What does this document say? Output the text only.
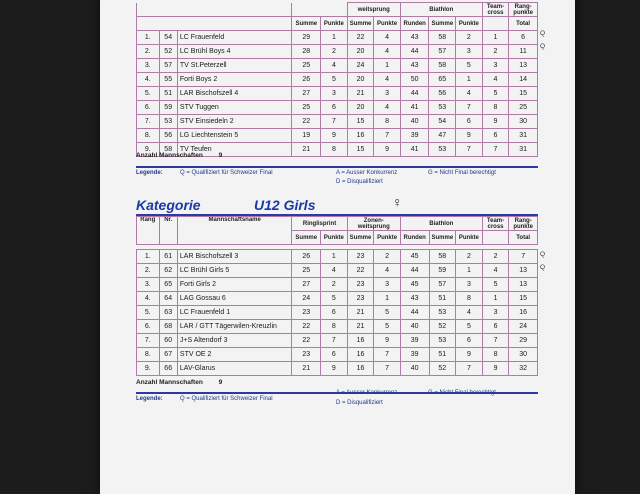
					weitsprung		Biathlon			Team-
cross	Rang-
punkte
			Summe	Punkte	Summe	Punkte	Runden	Summe	Punkte		Total
1.	54	LC Frauenfeld	29	1	22	4	43	58	2	1	6
2.	52	LC Brühl Boys 4	28	2	20	4	44	57	3	2	11
3.	57	TV St.Peterzell	25	4	24	1	43	58	5	3	13
4.	55	Forti Boys 2	26	5	20	4	50	65	1	4	14
5.	51	LAR Bischofszell 4	27	3	21	3	44	56	4	5	15
6.	59	STV Tuggen	25	6	20	4	41	53	7	8	25
7.	53	STV Einsiedeln 2	22	7	15	8	40	54	6	9	30
8.	56	LG Liechtenstein 5	19	9	16	7	39	47	9	6	31
9.	58	TV Teufen	21	8	15	9	41	53	7	7	31
Q
Q
Anzahl Mannschaften 9
Legende:	Q = Qualifiziert für Schweizer Final	A = Ausser Konkurrenz	G = Nicht Final berechtigt
D = Disqualifiziert
Kategorie	U12 Girls	♀
Rang	Nr.	Mannschaftsname	Ringlisprint		Zonen-
weitsprung		Biathlon			Team-
cross	Rang-
punkte
			Summe	Punkte	Summe	Punkte	Runden	Summe	Punkte		Total

1.	61	LAR Bischofszell 3	26	1	23	2	45	58	2	2	7
2.	62	LC Brühl Girls 5	25	4	22	4	44	59	1	4	13
3.	65	Forti Girls 2	27	2	23	3	45	57	3	5	13
4.	64	LAG Gossau 6	24	5	23	1	43	51	8	1	15
5.	63	LC Frauenfeld 1	23	6	21	5	44	53	4	3	16
6.	68	LAR / GTT Tägerwilen-Kreuzlin	22	8	21	5	40	52	5	6	24
7.	60	J+S Altendorf 3	22	7	16	9	39	53	6	7	29
8.	67	STV OE 2	23	6	16	7	39	51	9	8	30
9.	66	LAV-Glarus	21	9	16	7	40	52	7	9	32
Q
Q
Anzahl Mannschaften 9
Legende:	Q = Qualifiziert für Schweizer Final
A = Ausser Konkurrenz	G = Nicht Final berechtigt
D = Disqualifiziert
